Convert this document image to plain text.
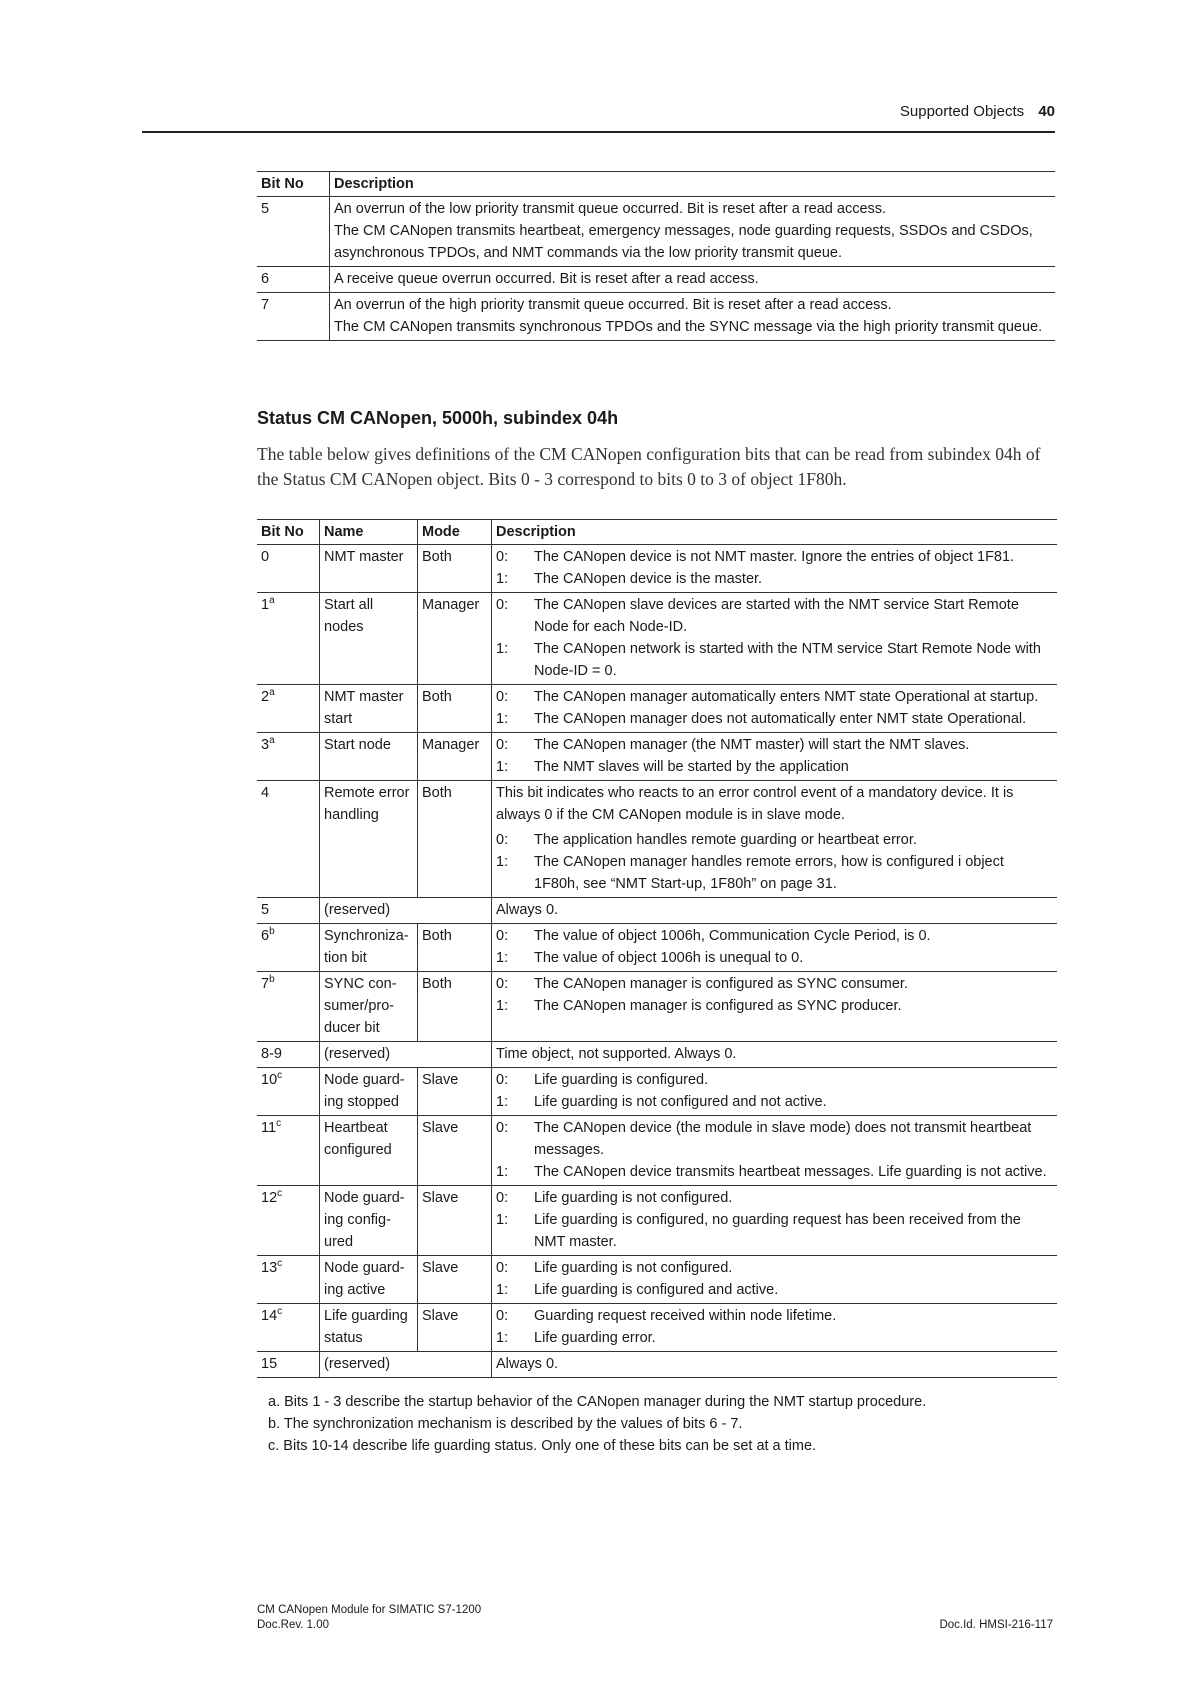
Supported Objects 40
Bit No	Description
5	An overrun of the low priority transmit queue occurred. Bit is reset after a read access.
The CM CANopen transmits heartbeat, emergency messages, node guarding requests, SSDOs and CSDOs, asynchronous TPDOs, and NMT commands via the low priority transmit queue.

6	A receive queue overrun occurred. Bit is reset after a read access.

7	An overrun of the high priority transmit queue occurred. Bit is reset after a read access.
The CM CANopen transmits synchronous TPDOs and the SYNC message via the high priority transmit queue.
Status CM CANopen, 5000h, subindex 04h

The table below gives definitions of the CM CANopen configuration bits that can be read from subindex 04h of the Status CM CANopen object. Bits 0 - 3 correspond to bits 0 to 3 of object 1F80h.

Bit No	Name	Mode	Description
0	NMT master	Both	0: The CANopen device is not NMT master. Ignore the entries of object 1F81.
1: The CANopen device is the master.

1$^a$	Start all nodes	Manager	0: The CANopen slave devices are started with the NMT service Start Remote Node for each Node-ID.
1: The CANopen network is started with the NTM service Start Remote Node with Node-ID = 0.

2$^a$	NMT master start	Both	0: The CANopen manager automatically enters NMT state Operational at startup.
1: The CANopen manager does not automatically enter NMT state Operational.

3$^a$	Start node	Manager	0: The CANopen manager (the NMT master) will start the NMT slaves.
1: The NMT slaves will be started by the application

4	Remote error handling	Both	This bit indicates who reacts to an error control event of a mandatory device. It is always 0 if the CM CANopen module is in slave mode.
0: The application handles remote guarding or heartbeat error.
1: The CANopen manager handles remote errors, how is configured i object 1F80h, see “NMT Start-up, 1F80h” on page 31.

5	(reserved)		Always 0.
6$^b$	Synchroniza-tion bit	Both	0: The value of object 1006h, Communication Cycle Period, is 0.
1: The value of object 1006h is unequal to 0.

7$^b$	SYNC con-sumer/pro-ducer bit	Both	0: The CANopen manager is configured as SYNC consumer.
1: The CANopen manager is configured as SYNC producer.

8-9	(reserved)		Time object, not supported. Always 0.
10$^c$	Node guard-ing stopped	Slave	0: Life guarding is configured.
1: Life guarding is not configured and not active.

11$^c$	Heartbeat configured	Slave	0: The CANopen device (the module in slave mode) does not transmit heartbeat messages.
1: The CANopen device transmits heartbeat messages. Life guarding is not active.

12$^c$	Node guard-ing config-ured	Slave	0: Life guarding is not configured.
1: Life guarding is configured, no guarding request has been received from the NMT master.

13$^c$	Node guard-ing active	Slave	0: Life guarding is not configured.
1: Life guarding is configured and active.

14$^c$	Life guarding status	Slave	0: Guarding request received within node lifetime.
1: Life guarding error.

15	(reserved)		Always 0.
a. Bits 1 - 3 describe the startup behavior of the CANopen manager during the NMT startup procedure.
b. The synchronization mechanism is described by the values of bits 6 - 7.
c. Bits 10-14 describe life guarding status. Only one of these bits can be set at a time.
CM CANopen Module for SIMATIC S7-1200
Doc.Rev. 1.00	Doc.Id. HMSI-216-117
